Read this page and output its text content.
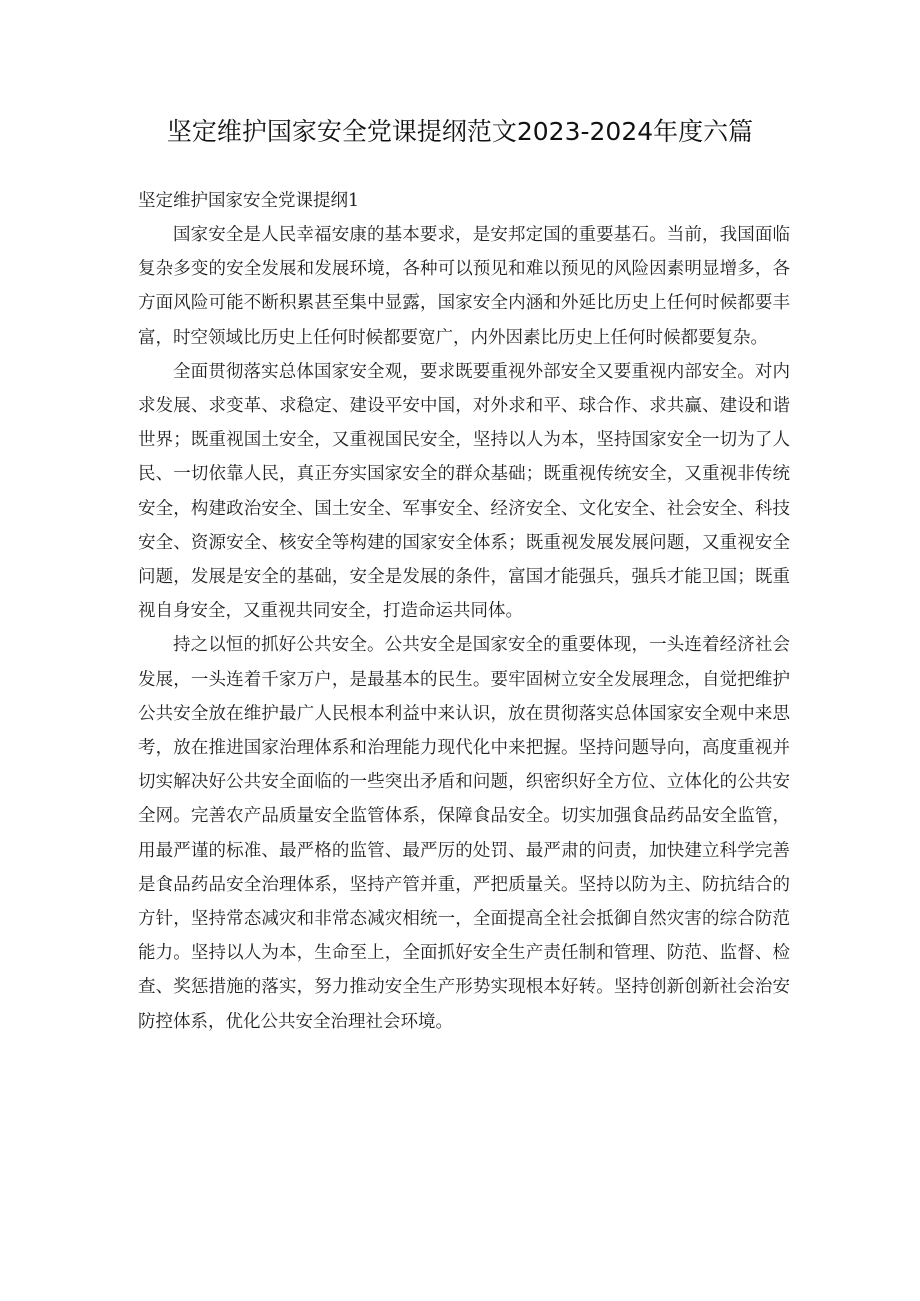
坚定维护国家安全党课提纲范文2023-2024年度六篇

坚定维护国家安全党课提纲1

国家安全是人民幸福安康的基本要求，是安邦定国的重要基石。当前，我国面临复杂多变的安全发展和发展环境，各种可以预见和难以预见的风险因素明显增多，各方面风险可能不断积累甚至集中显露，国家安全内涵和外延比历史上任何时候都要丰富，时空领域比历史上任何时候都要宽广，内外因素比历史上任何时候都要复杂。

全面贯彻落实总体国家安全观，要求既要重视外部安全又要重视内部安全。对内求发展、求变革、求稳定、建设平安中国，对外求和平、球合作、求共赢、建设和谐世界；既重视国土安全，又重视国民安全，坚持以人为本，坚持国家安全一切为了人民、一切依靠人民，真正夯实国家安全的群众基础；既重视传统安全，又重视非传统安全，构建政治安全、国土安全、军事安全、经济安全、文化安全、社会安全、科技安全、资源安全、核安全等构建的国家安全体系；既重视发展发展问题，又重视安全问题，发展是安全的基础，安全是发展的条件，富国才能强兵，强兵才能卫国；既重视自身安全，又重视共同安全，打造命运共同体。

持之以恒的抓好公共安全。公共安全是国家安全的重要体现，一头连着经济社会发展，一头连着千家万户，是最基本的民生。要牢固树立安全发展理念，自觉把维护公共安全放在维护最广人民根本利益中来认识，放在贯彻落实总体国家安全观中来思考，放在推进国家治理体系和治理能力现代化中来把握。坚持问题导向，高度重视并切实解决好公共安全面临的一些突出矛盾和问题，织密织好全方位、立体化的公共安全网。完善农产品质量安全监管体系，保障食品安全。切实加强食品药品安全监管，用最严谨的标准、最严格的监管、最严厉的处罚、最严肃的问责，加快建立科学完善是食品药品安全治理体系，坚持产管并重，严把质量关。坚持以防为主、防抗结合的方针，坚持常态减灾和非常态减灾相统一，全面提高全社会抵御自然灾害的综合防范能力。坚持以人为本，生命至上，全面抓好安全生产责任制和管理、防范、监督、检查、奖惩措施的落实，努力推动安全生产形势实现根本好转。坚持创新创新社会治安防控体系，优化公共安全治理社会环境。
